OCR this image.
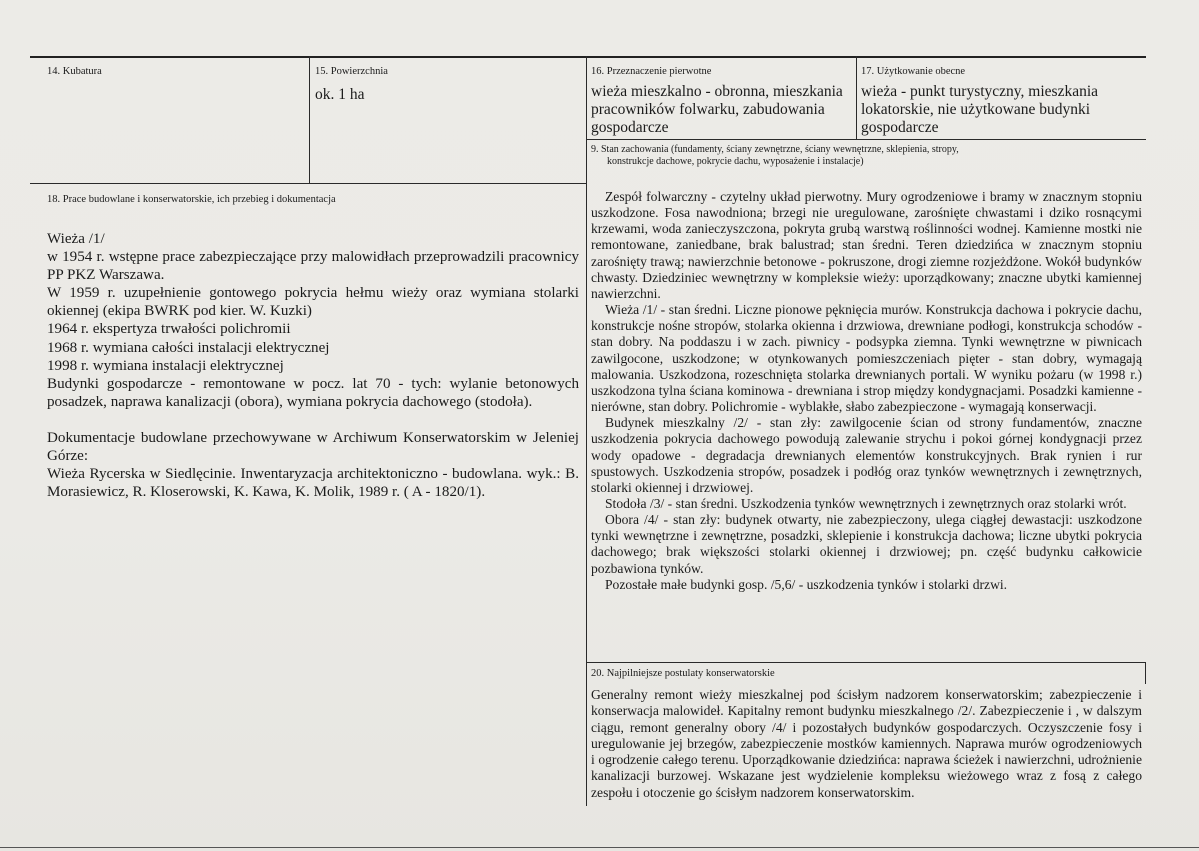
14. Kubatura	15. Powierzchnia
ok. 1 ha
16. Przeznaczenie pierwotne
wieża mieszkalno - obronna, mieszkania pracowników folwarku, zabudowania gospodarcze
17. Użytkowanie obecne
wieża - punkt turystyczny, mieszkania lokatorskie, nie użytkowane budynki gospodarcze
9. Stan zachowania (fundamenty, ściany zewnętrzne, ściany wewnętrzne, sklepienia, stropy,
konstrukcje dachowe, pokrycie dachu, wyposażenie i instalacje)

Zespół folwarczny - czytelny układ pierwotny. Mury ogrodzeniowe i bramy w znacznym stopniu uszkodzone. Fosa nawodniona; brzegi nie uregulowane, zarośnięte chwastami i dziko rosnącymi krzewami, woda zanieczyszczona, pokryta grubą warstwą roślinności wodnej. Kamienne mostki nie remontowane, zaniedbane, brak balustrad; stan średni. Teren dziedzińca w znacznym stopniu zarośnięty trawą; nawierzchnie betonowe - pokruszone, drogi ziemne rozjeżdżone. Wokół budynków chwasty. Dziedziniec wewnętrzny w kompleksie wieży: uporządkowany; znaczne ubytki kamiennej nawierzchni.

Wieża /1/ - stan średni. Liczne pionowe pęknięcia murów. Konstrukcja dachowa i pokrycie dachu, konstrukcje nośne stropów, stolarka okienna i drzwiowa, drewniane podłogi, konstrukcja schodów - stan dobry. Na poddaszu i w zach. piwnicy - podsypka ziemna. Tynki wewnętrzne w piwnicach zawilgocone, uszkodzone; w otynkowanych pomieszczeniach pięter - stan dobry, wymagają malowania. Uszkodzona, rozeschnięta stolarka drewnianych portali. W wyniku pożaru (w 1998 r.) uszkodzona tylna ściana kominowa - drewniana i strop między kondygnacjami. Posadzki kamienne - nierówne, stan dobry. Polichromie - wyblakłe, słabo zabezpieczone - wymagają konserwacji.

Budynek mieszkalny /2/ - stan zły: zawilgocenie ścian od strony fundamentów, znaczne uszkodzenia pokrycia dachowego powodują zalewanie strychu i pokoi górnej kondygnacji przez wody opadowe - degradacja drewnianych elementów konstrukcyjnych. Brak rynien i rur spustowych. Uszkodzenia stropów, posadzek i podłóg oraz tynków wewnętrznych i zewnętrznych, stolarki okiennej i drzwiowej.

Stodoła /3/ - stan średni. Uszkodzenia tynków wewnętrznych i zewnętrznych oraz stolarki wrót.

Obora /4/ - stan zły: budynek otwarty, nie zabezpieczony, ulega ciągłej dewastacji: uszkodzone tynki wewnętrzne i zewnętrzne, posadzki, sklepienie i konstrukcja dachowa; liczne ubytki pokrycia dachowego; brak większości stolarki okiennej i drzwiowej; pn. część budynku całkowicie pozbawiona tynków.

Pozostałe małe budynki gosp. /5,6/ - uszkodzenia tynków i stolarki drzwi.

18. Prace budowlane i konserwatorskie, ich przebieg i dokumentacja

Wieża /1/

w 1954 r. wstępne prace zabezpieczające przy malowidłach przeprowadzili pracownicy PP PKZ Warszawa.

W 1959 r. uzupełnienie gontowego pokrycia hełmu wieży oraz wymiana stolarki okiennej (ekipa BWRK pod kier. W. Kuzki)

1964 r. ekspertyza trwałości polichromii

1968 r. wymiana całości instalacji elektrycznej

1998 r. wymiana instalacji elektrycznej

Budynki gospodarcze - remontowane w pocz. lat 70 - tych: wylanie betonowych posadzek, naprawa kanalizacji (obora), wymiana pokrycia dachowego (stodoła).

Dokumentacje budowlane przechowywane w Archiwum Konserwatorskim w Jeleniej Górze:

Wieża Rycerska w Siedlęcinie. Inwentaryzacja architektoniczno - budowlana. wyk.: B. Morasiewicz, R. Kloserowski, K. Kawa, K. Molik, 1989 r. ( A - 1820/1).

20. Najpilniejsze postulaty konserwatorskie
Generalny remont wieży mieszkalnej pod ścisłym nadzorem konserwatorskim; zabezpieczenie i konserwacja malowideł. Kapitalny remont budynku mieszkalnego /2/. Zabezpieczenie i , w dalszym ciągu, remont generalny obory /4/ i pozostałych budynków gospodarczych. Oczyszczenie fosy i uregulowanie jej brzegów, zabezpieczenie mostków kamiennych. Naprawa murów ogrodzeniowych i ogrodzenie całego terenu. Uporządkowanie dziedzińca: naprawa ścieżek i nawierzchni, udrożnienie kanalizacji burzowej. Wskazane jest wydzielenie kompleksu wieżowego wraz z fosą z całego zespołu i otoczenie go ścisłym nadzorem konserwatorskim.
